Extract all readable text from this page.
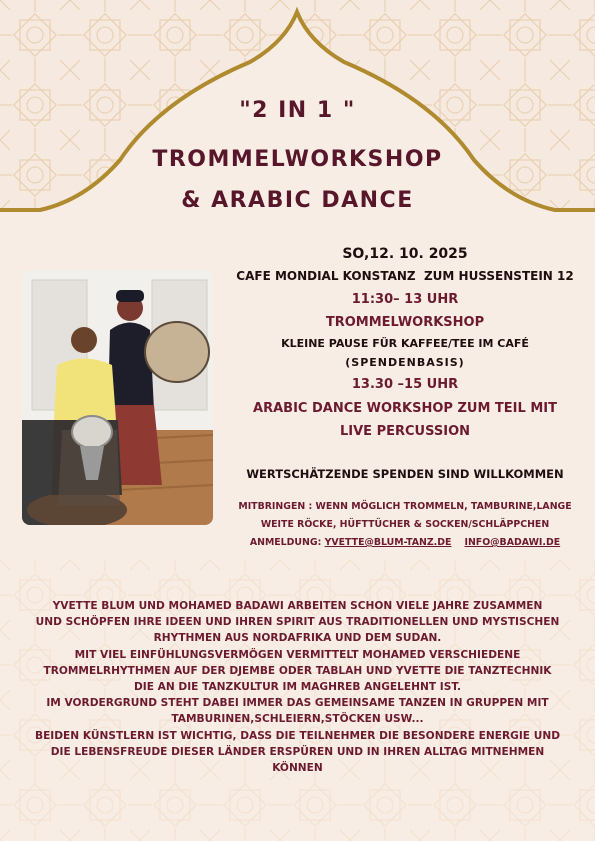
"2 IN 1 "
TROMMELWORKSHOP
& ARABIC DANCE
SO,12. 10. 2025
CAFE MONDIAL KONSTANZ  ZUM HUSSENSTEIN 12
11:30– 13 UHR
TROMMELWORKSHOP
KLEINE PAUSE FÜR KAFFEE/TEE IM CAFÉ
(SPENDENBASIS)
13.30 –15 UHR
ARABIC DANCE WORKSHOP ZUM TEIL MIT
LIVE PERCUSSION
WERTSCHÄTZENDE SPENDEN SIND WILLKOMMEN
MITBRINGEN : WENN MÖGLICH TROMMELN, TAMBURINE,LANGE
WEITE RÖCKE, HÜFTTÜCHER & SOCKEN/SCHLÄPPCHEN
ANMELDUNG: YVETTE@BLUM-TANZ.DE INFO@BADAWI.DE
YVETTE BLUM UND MOHAMED BADAWI ARBEITEN SCHON VIELE JAHRE ZUSAMMEN
UND SCHÖPFEN IHRE IDEEN UND IHREN SPIRIT AUS TRADITIONELLEN UND MYSTISCHEN
RHYTHMEN AUS NORDAFRIKA UND DEM SUDAN.
MIT VIEL EINFÜHLUNGSVERMÖGEN VERMITTELT MOHAMED VERSCHIEDENE
TROMMELRHYTHMEN AUF DER DJEMBE ODER TABLAH UND YVETTE DIE TANZTECHNIK
DIE AN DIE TANZKULTUR IM MAGHREB ANGELEHNT IST.
IM VORDERGRUND STEHT DABEI IMMER DAS GEMEINSAME TANZEN IN GRUPPEN MIT
TAMBURINEN,SCHLEIERN,STÖCKEN USW...
BEIDEN KÜNSTLERN IST WICHTIG, DASS DIE TEILNEHMER DIE BESONDERE ENERGIE UND
DIE LEBENSFREUDE DIESER LÄNDER ERSPÜREN UND IN IHREN ALLTAG MITNEHMEN
KÖNNEN
